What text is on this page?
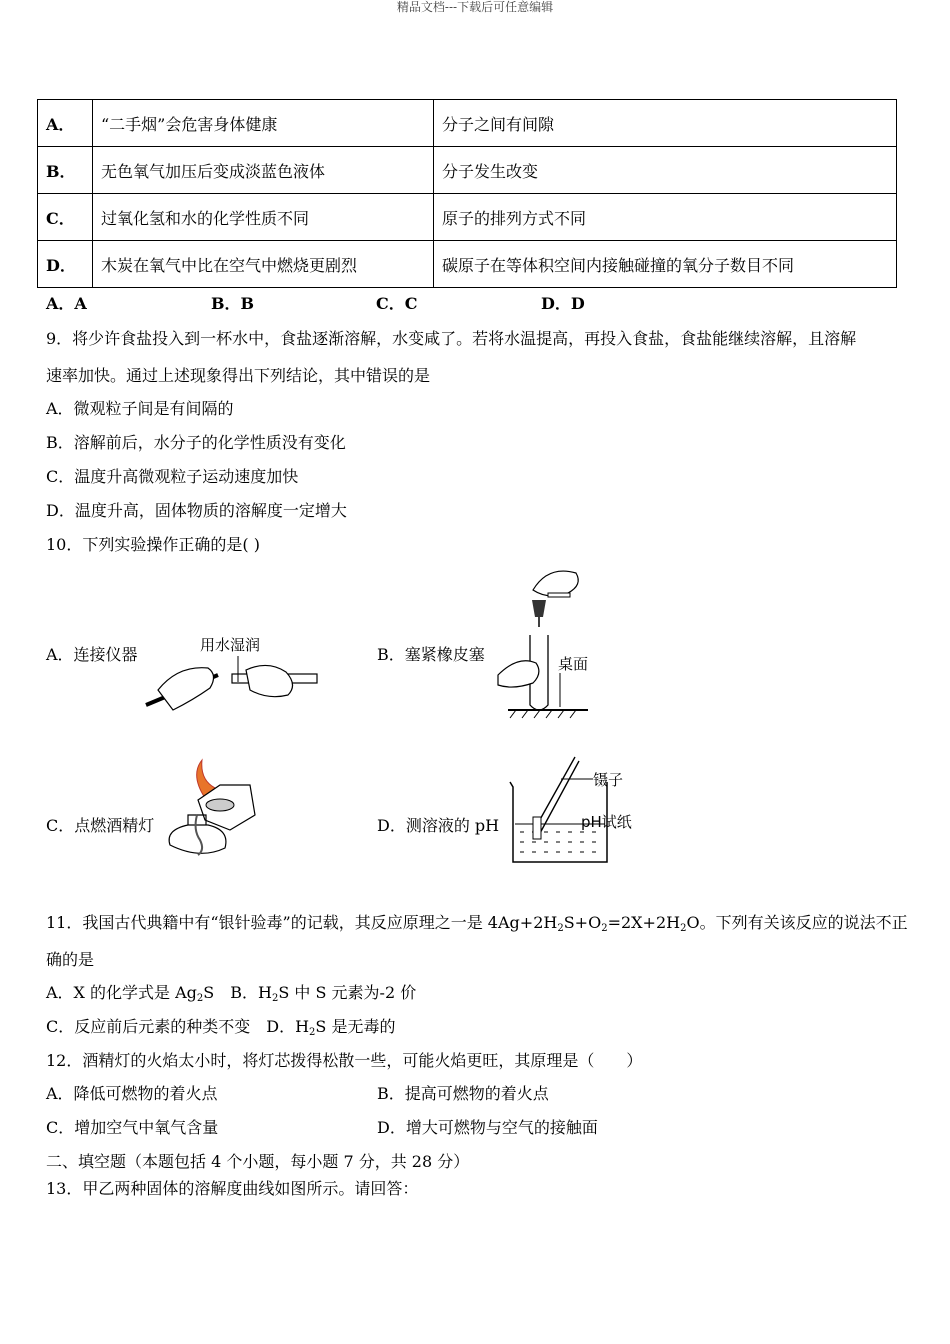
精品文档---下载后可任意编辑
A．	“二手烟”会危害身体健康	分子之间有间隙
B．	无色氧气加压后变成淡蓝色液体	分子发生改变
C．	过氧化氢和水的化学性质不同	原子的排列方式不同
D．	木炭在氧气中比在空气中燃烧更剧烈	碳原子在等体积空间内接触碰撞的氧分子数目不同
A．A	B．B	C．C	D．D
9．将少许食盐投入到一杯水中，食盐逐渐溶解，水变咸了。若将水温提高，再投入食盐，食盐能继续溶解，且溶解
速率加快。通过上述现象得出下列结论，其中错误的是
A．微观粒子间是有间隔的
B．溶解前后，水分子的化学性质没有变化
C．温度升高微观粒子运动速度加快
D．温度升高，固体物质的溶解度一定增大
10．下列实验操作正确的是( )
A．连接仪器	用水湿润	B．塞紧橡皮塞	桌面
C．点燃酒精灯	D．测溶液的 pH
镊子
pH试纸
11．我国古代典籍中有“银针验毒”的记载，其反应原理之一是 $4Ag+2H_2S+O_2=2X+2H_2O$。下列有关该反应的说法不正
确的是
A．X 的化学式是 $Ag_2S$ B．$H_2S$ 中 S 元素为-2 价
C．反应前后元素的种类不变 D．$H_2S$ 是无毒的
12．酒精灯的火焰太小时，将灯芯拨得松散一些，可能火焰更旺，其原理是（　　）
A．降低可燃物的着火点	B．提高可燃物的着火点
C．增加空气中氧气含量	D．增大可燃物与空气的接触面
二、填空题（本题包括 4 个小题，每小题 7 分，共 28 分）
13．甲乙两种固体的溶解度曲线如图所示。请回答：
